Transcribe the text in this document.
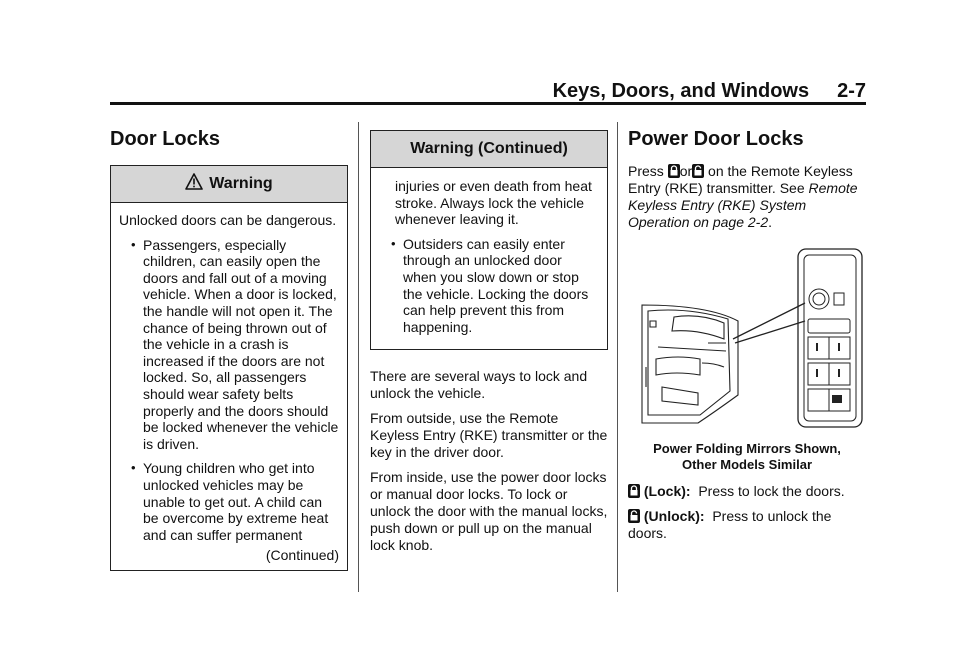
Keys, Doors, and Windows 2-7
Door Locks
Warning
Unlocked doors can be dangerous.
• Passengers, especially children, can easily open the doors and fall out of a moving vehicle. When a door is locked, the handle will not open it. The chance of being thrown out of the vehicle in a crash is increased if the doors are not locked. So, all passengers should wear safety belts properly and the doors should be locked whenever the vehicle is driven.
• Young children who get into unlocked vehicles may be unable to get out. A child can be overcome by extreme heat and can suffer permanent
(Continued)
Warning (Continued)
injuries or even death from heat stroke. Always lock the vehicle whenever leaving it.
• Outsiders can easily enter through an unlocked door when you slow down or stop the vehicle. Locking the doors can help prevent this from happening.

There are several ways to lock and unlock the vehicle.

From outside, use the Remote Keyless Entry (RKE) transmitter or the key in the driver door.

From inside, use the power door locks or manual door locks. To lock or unlock the door with the manual locks, push down or pull up on the manual lock knob.

Power Door Locks

Press or on the Remote Keyless Entry (RKE) transmitter. See Remote Keyless Entry (RKE) System Operation on page 2-2.

Power Folding Mirrors Shown,
Other Models Similar

(Lock): Press to lock the doors.

(Unlock): Press to unlock the doors.
